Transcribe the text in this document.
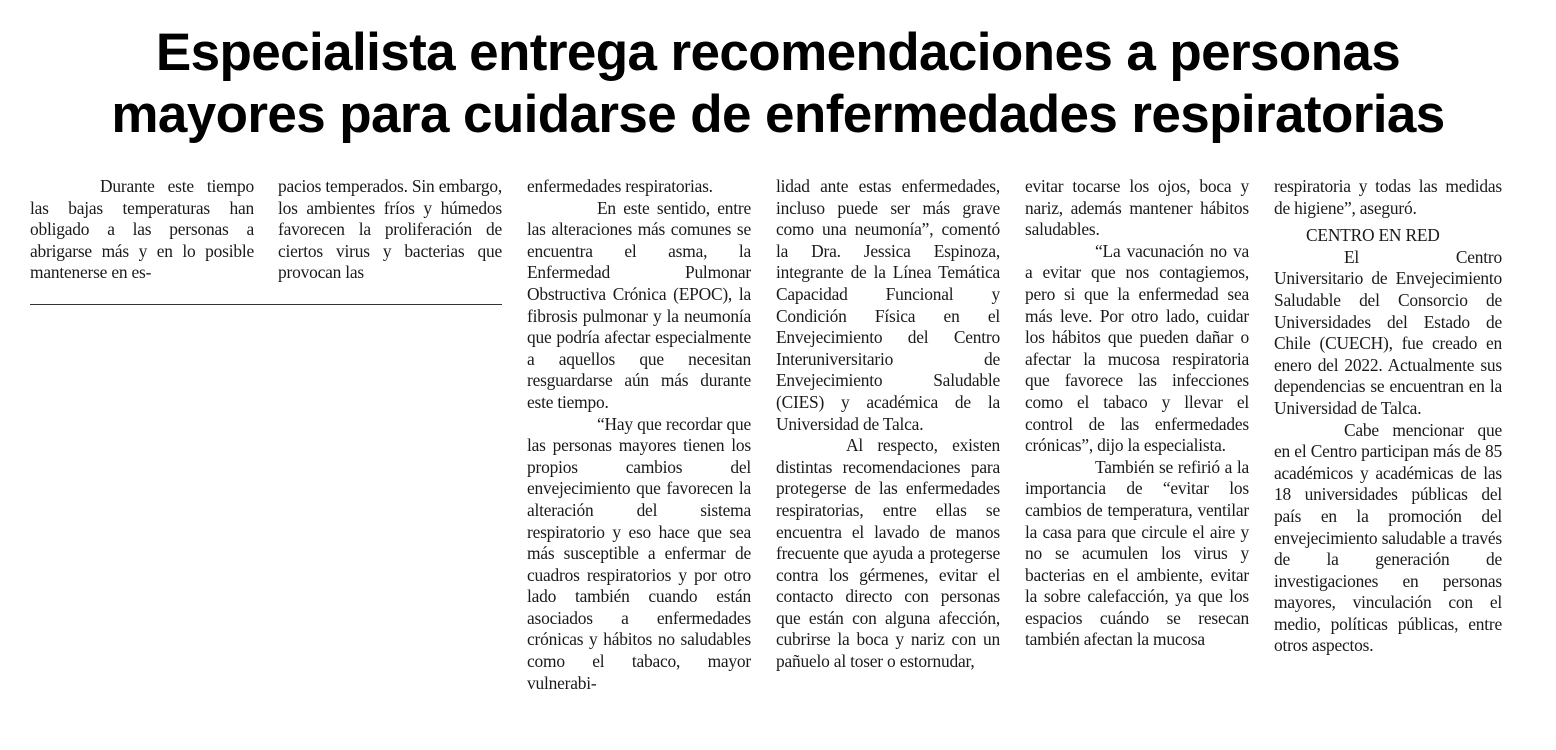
Especialista entrega recomendaciones a personas
mayores para cuidarse de enfermedades respiratorias

Durante este tiempo las bajas temperaturas han obligado a las personas a abrigarse más y en lo posible mantenerse en es-

pacios temperados. Sin embargo, los ambientes fríos y húmedos favorecen la proliferación de ciertos virus y bacterias que provocan las

enfermedades respiratorias.

En este sentido, entre las alteraciones más comunes se encuentra el asma, la Enfermedad Pulmonar Obstructiva Crónica (EPOC), la fibrosis pulmonar y la neumonía que podría afectar especialmente a aquellos que necesitan resguardarse aún más durante este tiempo.

“Hay que recordar que las personas mayores tienen los propios cambios del envejecimiento que favorecen la alteración del sistema respiratorio y eso hace que sea más susceptible a enfermar de cuadros respiratorios y por otro lado también cuando están asociados a enfermedades crónicas y hábitos no saludables como el tabaco, mayor vulnerabi-

lidad ante estas enfermedades, incluso puede ser más grave como una neumonía”, comentó la Dra. Jessica Espinoza, integrante de la Línea Temática Capacidad Funcional y Condición Física en el Envejecimiento del Centro Interuniversitario de Envejecimiento Saludable (CIES) y académica de la Universidad de Talca.

Al respecto, existen distintas recomendaciones para protegerse de las enfermedades respiratorias, entre ellas se encuentra el lavado de manos frecuente que ayuda a protegerse contra los gérmenes, evitar el contacto directo con personas que están con alguna afección, cubrirse la boca y nariz con un pañuelo al toser o estornudar,

evitar tocarse los ojos, boca y nariz, además mantener hábitos saludables.

“La vacunación no va a evitar que nos contagiemos, pero si que la enfermedad sea más leve. Por otro lado, cuidar los hábitos que pueden dañar o afectar la mucosa respiratoria que favorece las infecciones como el tabaco y llevar el control de las enfermedades crónicas”, dijo la especialista.

También se refirió a la importancia de “evitar los cambios de temperatura, ventilar la casa para que circule el aire y no se acumulen los virus y bacterias en el ambiente, evitar la sobre calefacción, ya que los espacios cuándo se resecan también afectan la mucosa

respiratoria y todas las medidas de higiene”, aseguró.

CENTRO EN RED

El Centro Universitario de Envejecimiento Saludable del Consorcio de Universidades del Estado de Chile (CUECH), fue creado en enero del 2022. Actualmente sus dependencias se encuentran en la Universidad de Talca.

Cabe mencionar que en el Centro participan más de 85 académicos y académicas de las 18 universidades públicas del país en la promoción del envejecimiento saludable a través de la generación de investigaciones en personas mayores, vinculación con el medio, políticas públicas, entre otros aspectos.
